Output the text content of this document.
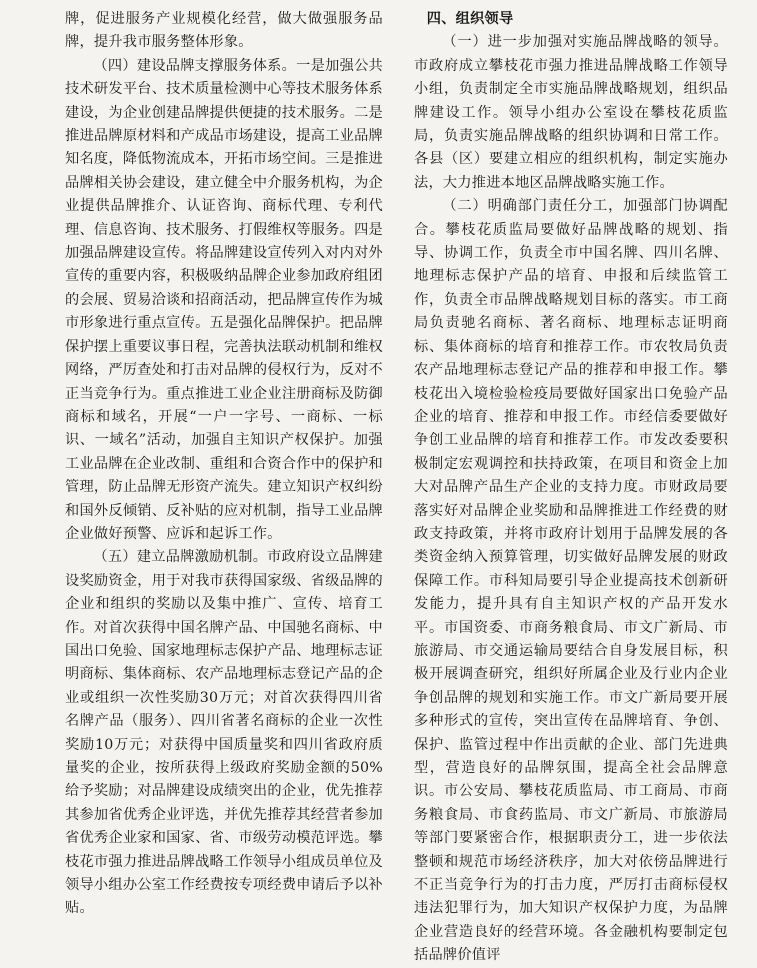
牌，促进服务产业规模化经营，做大做强服务品牌，提升我市服务整体形象。

（四）建设品牌支撑服务体系。一是加强公共技术研发平台、技术质量检测中心等技术服务体系建设，为企业创建品牌提供便捷的技术服务。二是推进品牌原材料和产成品市场建设，提高工业品牌知名度，降低物流成本，开拓市场空间。三是推进品牌相关协会建设，建立健全中介服务机构，为企业提供品牌推介、认证咨询、商标代理、专利代理、信息咨询、技术服务、打假维权等服务。四是加强品牌建设宣传。将品牌建设宣传列入对内对外宣传的重要内容，积极吸纳品牌企业参加政府组团的会展、贸易洽谈和招商活动，把品牌宣传作为城市形象进行重点宣传。五是强化品牌保护。把品牌保护摆上重要议事日程，完善执法联动机制和维权网络，严厉查处和打击对品牌的侵权行为，反对不正当竞争行为。重点推进工业企业注册商标及防御商标和域名，开展“一户一字号、一商标、一标识、一域名”活动，加强自主知识产权保护。加强工业品牌在企业改制、重组和合资合作中的保护和管理，防止品牌无形资产流失。建立知识产权纠纷和国外反倾销、反补贴的应对机制，指导工业品牌企业做好预警、应诉和起诉工作。

（五）建立品牌激励机制。市政府设立品牌建设奖励资金，用于对我市获得国家级、省级品牌的企业和组织的奖励以及集中推广、宣传、培育工作。对首次获得中国名牌产品、中国驰名商标、中国出口免验、国家地理标志保护产品、地理标志证明商标、集体商标、农产品地理标志登记产品的企业或组织一次性奖励30万元；对首次获得四川省名牌产品（服务）、四川省著名商标的企业一次性奖励10万元；对获得中国质量奖和四川省政府质量奖的企业，按所获得上级政府奖励金额的50%给予奖励；对品牌建设成绩突出的企业，优先推荐其参加省优秀企业评选，并优先推荐其经营者参加省优秀企业家和国家、省、市级劳动模范评选。攀枝花市强力推进品牌战略工作领导小组成员单位及领导小组办公室工作经费按专项经费申请后予以补贴。

四、组织领导

（一）进一步加强对实施品牌战略的领导。市政府成立攀枝花市强力推进品牌战略工作领导小组，负责制定全市实施品牌战略规划，组织品牌建设工作。领导小组办公室设在攀枝花质监局，负责实施品牌战略的组织协调和日常工作。各县（区）要建立相应的组织机构，制定实施办法，大力推进本地区品牌战略实施工作。

（二）明确部门责任分工，加强部门协调配合。攀枝花质监局要做好品牌战略的规划、指导、协调工作，负责全市中国名牌、四川名牌、地理标志保护产品的培育、申报和后续监管工作，负责全市品牌战略规划目标的落实。市工商局负责驰名商标、著名商标、地理标志证明商标、集体商标的培育和推荐工作。市农牧局负责农产品地理标志登记产品的推荐和申报工作。攀枝花出入境检验检疫局要做好国家出口免验产品企业的培育、推荐和申报工作。市经信委要做好争创工业品牌的培育和推荐工作。市发改委要积极制定宏观调控和扶持政策，在项目和资金上加大对品牌产品生产企业的支持力度。市财政局要落实好对品牌企业奖励和品牌推进工作经费的财政支持政策，并将市政府计划用于品牌发展的各类资金纳入预算管理，切实做好品牌发展的财政保障工作。市科知局要引导企业提高技术创新研发能力，提升具有自主知识产权的产品开发水平。市国资委、市商务粮食局、市文广新局、市旅游局、市交通运输局要结合自身发展目标，积极开展调查研究，组织好所属企业及行业内企业争创品牌的规划和实施工作。市文广新局要开展多种形式的宣传，突出宣传在品牌培育、争创、保护、监管过程中作出贡献的企业、部门先进典型，营造良好的品牌氛围，提高全社会品牌意识。市公安局、攀枝花质监局、市工商局、市商务粮食局、市食药监局、市文广新局、市旅游局等部门要紧密合作，根据职责分工，进一步依法整顿和规范市场经济秩序，加大对依傍品牌进行不正当竞争行为的打击力度，严厉打击商标侵权违法犯罪行为，加大知识产权保护力度，为品牌企业营造良好的经营环境。各金融机构要制定包括品牌价值评
